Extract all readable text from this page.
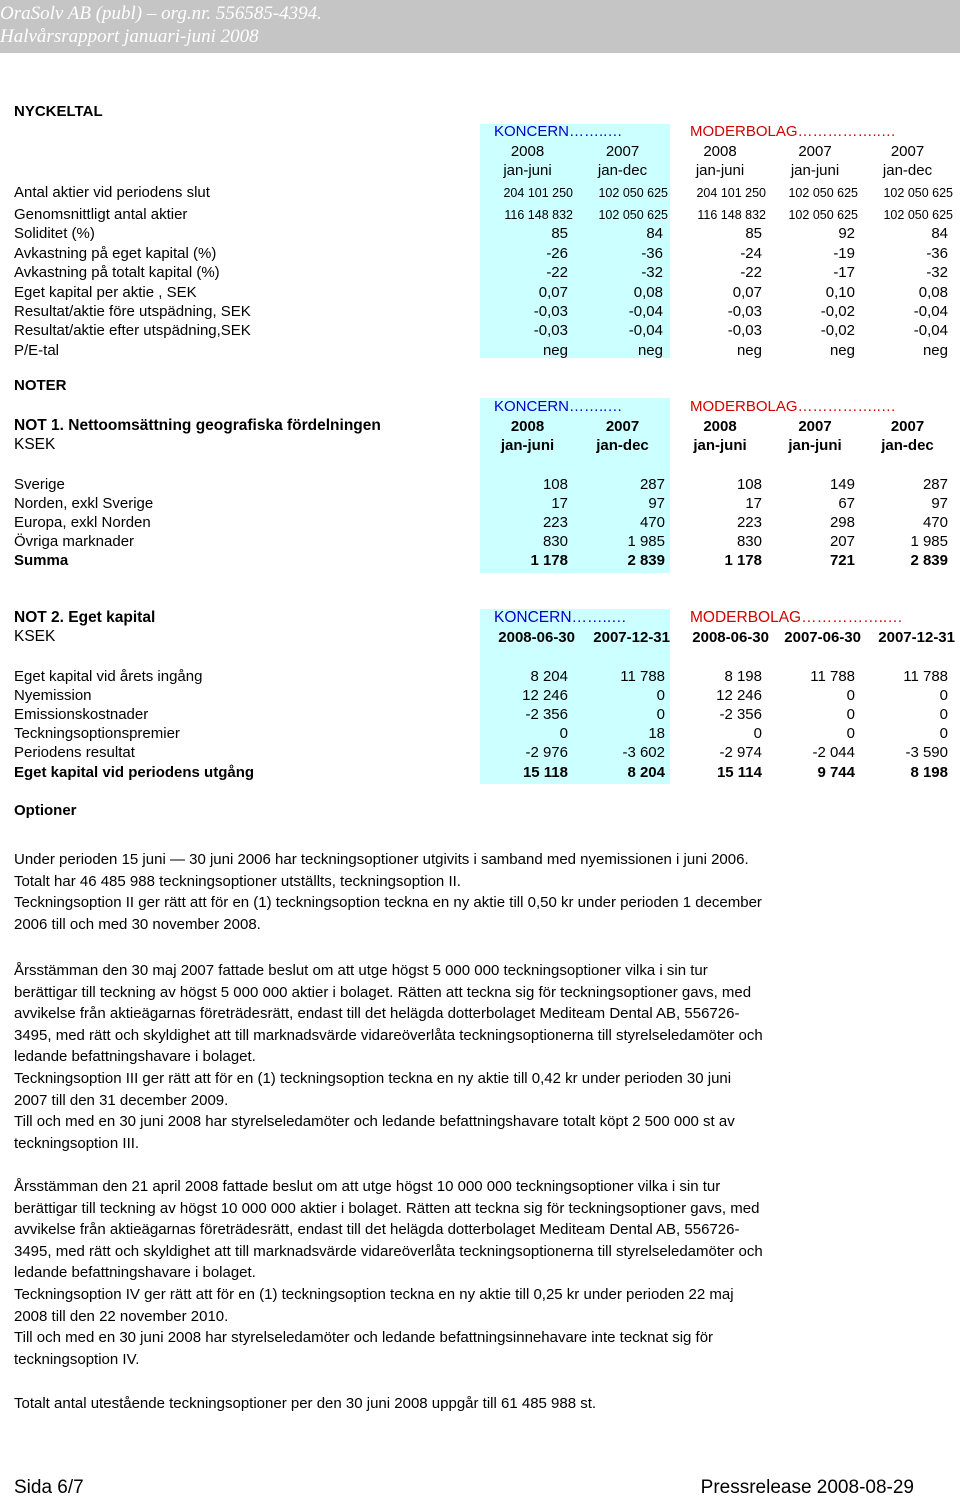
OraSolv AB (publ) – org.nr. 556585-4394.
Halvårsrapport januari-juni 2008
NYCKELTAL
KONCERN……..…	MODERBOLAG……………..…
2008	2007	2008	2007	2007
jan-juni	jan-dec	jan-juni	jan-juni	jan-dec
Antal aktier vid periodens slut	204 101 250	102 050 625	204 101 250	102 050 625	102 050 625
Genomsnittligt antal aktier	116 148 832	102 050 625	116 148 832	102 050 625	102 050 625
Soliditet (%)	85	84	85	92	84
Avkastning på eget kapital (%)	-26	-36	-24	-19	-36
Avkastning på totalt kapital (%)	-22	-32	-22	-17	-32
Eget kapital per aktie , SEK	0,07	0,08	0,07	0,10	0,08
Resultat/aktie före utspädning, SEK	-0,03	-0,04	-0,03	-0,02	-0,04
Resultat/aktie efter utspädning,SEK	-0,03	-0,04	-0,03	-0,02	-0,04
P/E-tal	neg	neg	neg	neg	neg
NOTER
KONCERN……..…	MODERBOLAG……………..…
NOT 1. Nettoomsättning geografiska fördelningen
KSEK
2008	2007	2008	2007	2007
jan-juni	jan-dec	jan-juni	jan-juni	jan-dec
Sverige	108	287	108	149	287
Norden, exkl Sverige	17	97	17	67	97
Europa, exkl Norden	223	470	223	298	470
Övriga marknader	830	1 985	830	207	1 985
Summa	1 178	2 839	1 178	721	2 839
NOT 2. Eget kapital	KONCERN……..…	MODERBOLAG……………..…
KSEK	2008-06-30	2007-12-31	2008-06-30	2007-06-30	2007-12-31
Eget kapital vid årets ingång	8 204	11 788	8 198	11 788	11 788
Nyemission	12 246	0	12 246	0	0
Emissionskostnader	-2 356	0	-2 356	0	0
Teckningsoptionspremier	0	18	0	0	0
Periodens resultat	-2 976	-3 602	-2 974	-2 044	-3 590
Eget kapital vid periodens utgång	15 118	8 204	15 114	9 744	8 198
Optioner
Under perioden 15 juni — 30 juni 2006 har teckningsoptioner utgivits i samband med nyemissionen i juni 2006.
Totalt har 46 485 988 teckningsoptioner utställts, teckningsoption II.
Teckningsoption II ger rätt att för en (1) teckningsoption teckna en ny aktie till 0,50 kr under perioden 1 december
2006 till och med 30 november 2008.
Årsstämman den 30 maj 2007 fattade beslut om att utge högst 5 000 000 teckningsoptioner vilka i sin tur
berättigar till teckning av högst 5 000 000 aktier i bolaget. Rätten att teckna sig för teckningsoptioner gavs, med
avvikelse från aktieägarnas företrädesrätt, endast till det helägda dotterbolaget Mediteam Dental AB, 556726-
3495, med rätt och skyldighet att till marknadsvärde vidareöverlåta teckningsoptionerna till styrelseledamöter och
ledande befattningshavare i bolaget.
Teckningsoption III ger rätt att för en (1) teckningsoption teckna en ny aktie till 0,42 kr under perioden 30 juni
2007 till den 31 december 2009.
Till och med en 30 juni 2008 har styrelseledamöter och ledande befattningshavare totalt köpt 2 500 000 st av
teckningsoption III.
Årsstämman den 21 april 2008 fattade beslut om att utge högst 10 000 000 teckningsoptioner vilka i sin tur
berättigar till teckning av högst 10 000 000 aktier i bolaget. Rätten att teckna sig för teckningsoptioner gavs, med
avvikelse från aktieägarnas företrädesrätt, endast till det helägda dotterbolaget Mediteam Dental AB, 556726-
3495, med rätt och skyldighet att till marknadsvärde vidareöverlåta teckningsoptionerna till styrelseledamöter och
ledande befattningshavare i bolaget.
Teckningsoption IV ger rätt att för en (1) teckningsoption teckna en ny aktie till 0,25 kr under perioden 22 maj
2008 till den 22 november 2010.
Till och med en 30 juni 2008 har styrelseledamöter och ledande befattningsinnehavare inte tecknat sig för
teckningsoption IV.
Totalt antal utestående teckningsoptioner per den 30 juni 2008 uppgår till 61 485 988 st.
Sida 6/7	Pressrelease 2008-08-29
